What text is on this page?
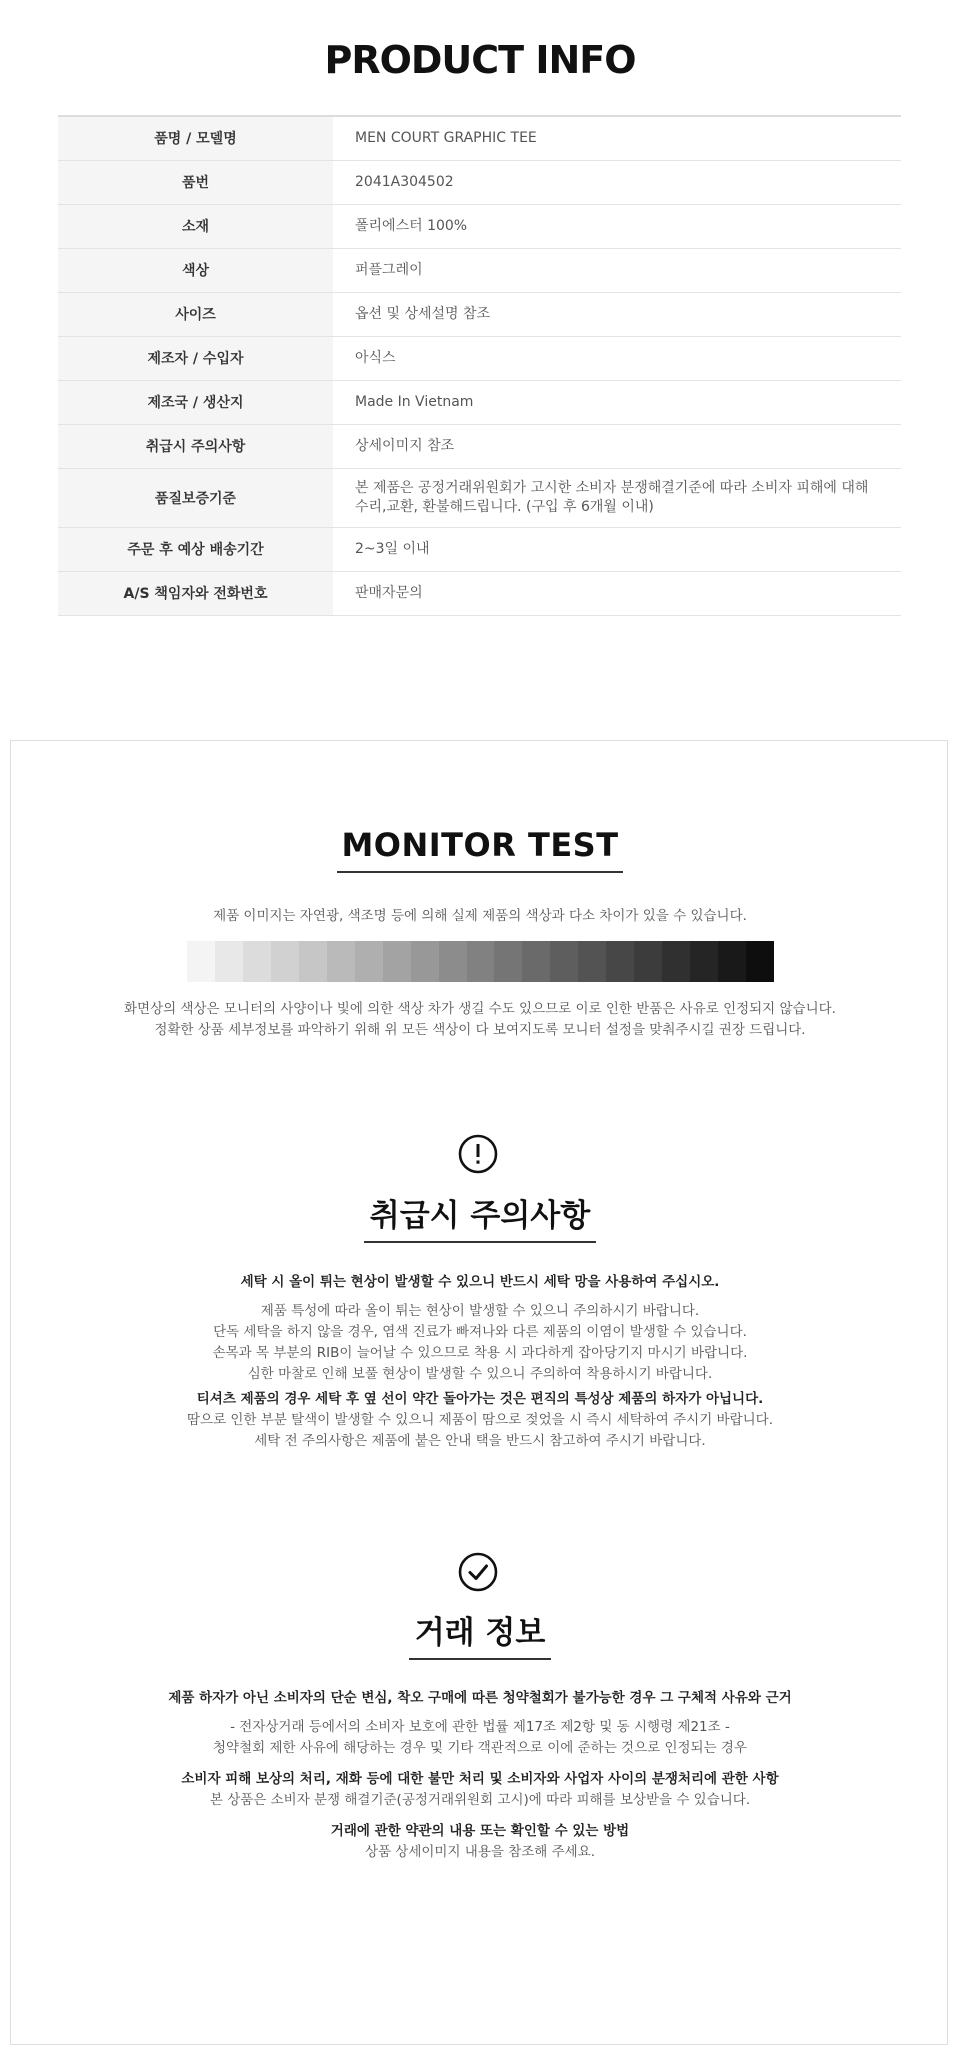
PRODUCT INFO
품명 / 모델명	MEN COURT GRAPHIC TEE
품번	2041A304502
소재	폴리에스터 100%
색상	퍼플그레이
사이즈	옵션 및 상세설명 참조
제조자 / 수입자	아식스
제조국 / 생산지	Made In Vietnam
취급시 주의사항	상세이미지 참조
품질보증기준	본 제품은 공정거래위원회가 고시한 소비자 분쟁해결기준에 따라 소비자 피해에 대해
수리,교환, 환불해드립니다. (구입 후 6개월 이내)

주문 후 예상 배송기간	2~3일 이내
A/S 책임자와 전화번호	판매자문의
MONITOR TEST

제품 이미지는 자연광, 색조명 등에 의해 실제 제품의 색상과 다소 차이가 있을 수 있습니다.

화면상의 색상은 모니터의 사양이나 빛에 의한 색상 차가 생길 수도 있으므로 이로 인한 반품은 사유로 인정되지 않습니다.
정확한 상품 세부정보를 파악하기 위해 위 모든 색상이 다 보여지도록 모니터 설정을 맞춰주시길 권장 드립니다.

취급시 주의사항
세탁 시 올이 튀는 현상이 발생할 수 있으니 반드시 세탁 망을 사용하여 주십시오.
제품 특성에 따라 올이 튀는 현상이 발생할 수 있으니 주의하시기 바랍니다.
단독 세탁을 하지 않을 경우, 염색 진료가 빠져나와 다른 제품의 이염이 발생할 수 있습니다.
손목과 목 부분의 RIB이 늘어날 수 있으므로 착용 시 과다하게 잡아당기지 마시기 바랍니다.
심한 마찰로 인해 보풀 현상이 발생할 수 있으니 주의하여 착용하시기 바랍니다.
티셔츠 제품의 경우 세탁 후 옆 선이 약간 돌아가는 것은 편직의 특성상 제품의 하자가 아닙니다.
땀으로 인한 부분 탈색이 발생할 수 있으니 제품이 땀으로 젖었을 시 즉시 세탁하여 주시기 바랍니다.
세탁 전 주의사항은 제품에 붙은 안내 택을 반드시 참고하여 주시기 바랍니다.
거래 정보
제품 하자가 아닌 소비자의 단순 변심, 착오 구매에 따른 청약철회가 불가능한 경우 그 구체적 사유와 근거
- 전자상거래 등에서의 소비자 보호에 관한 법률 제17조 제2항 및 동 시행령 제21조 -
청약철회 제한 사유에 해당하는 경우 및 기타 객관적으로 이에 준하는 것으로 인정되는 경우
소비자 피해 보상의 처리, 재화 등에 대한 불만 처리 및 소비자와 사업자 사이의 분쟁처리에 관한 사항
본 상품은 소비자 분쟁 해결기준(공정거래위원회 고시)에 따라 피해를 보상받을 수 있습니다.
거래에 관한 약관의 내용 또는 확인할 수 있는 방법
상품 상세이미지 내용을 참조해 주세요.
